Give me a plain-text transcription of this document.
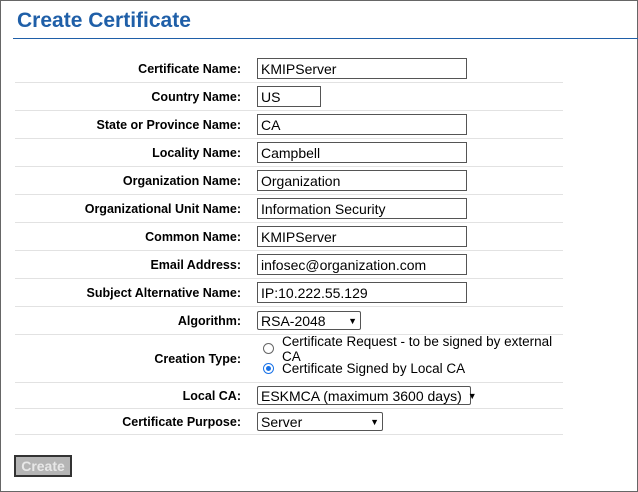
Create Certificate
Certificate Name:	KMIPServer
Country Name:	US
State or Province Name:	CA
Locality Name:	Campbell
Organization Name:	Organization
Organizational Unit Name:	Information Security
Common Name:	KMIPServer
Email Address:	infosec@organization.com
Subject Alternative Name:	IP:10.222.55.129
Algorithm:	RSA-2048 ▼

Creation Type:	Certificate Request - to be signed by external CA
Certificate Signed by Local CA

Local CA:	ESKMCA (maximum 3600 days) ▼

Certificate Purpose:	Server ▼
Create
